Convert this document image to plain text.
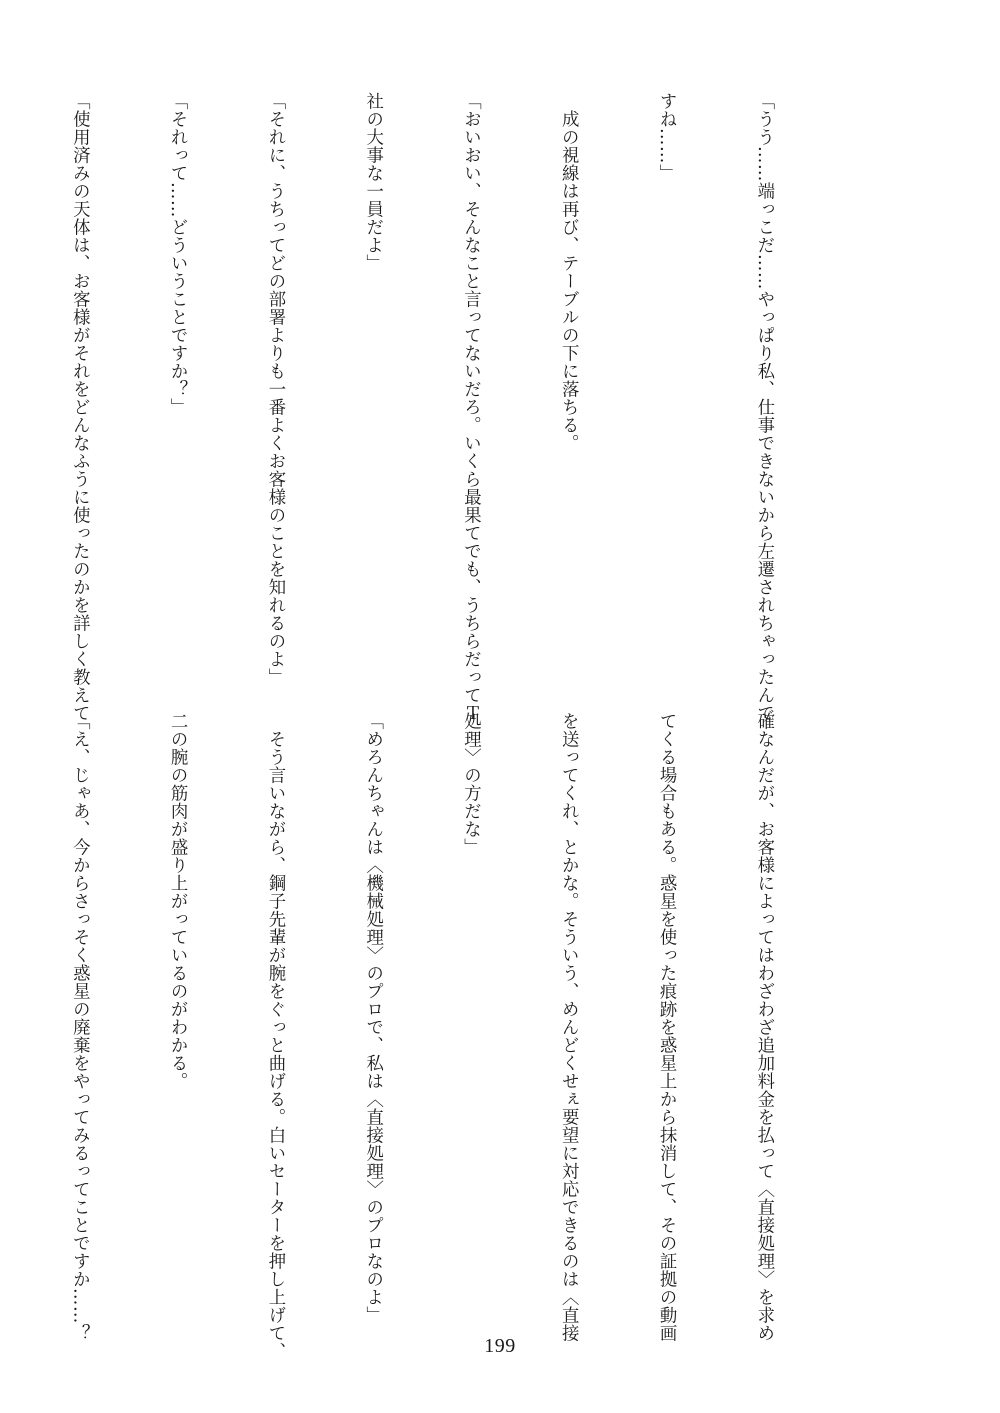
「うう……端っこだ……やっぱり私、仕事できないから左遷されちゃったんで

すね……」

　成の視線は再び、テーブルの下に落ちる。

「おいおい、そんなこと言ってないだろ。いくら最果てでも、うちらだってＴ

社の大事な一員だよ」

「それに、うちってどの部署よりも一番よくお客様のことを知れるのよ」

「それって……どういうことですか？」

「使用済みの天体は、お客様がそれをどんなふうに使ったのかを詳しく教えて

確なんだが、お客様によってはわざわざ追加料金を払って〈直接処理〉を求め

てくる場合もある。惑星を使った痕跡を惑星上から抹消して、その証拠の動画

を送ってくれ、とかな。そういう、めんどくせぇ要望に対応できるのは〈直接

処理〉の方だな」

「めろんちゃんは〈機械処理〉のプロで、私は〈直接処理〉のプロなのよ」

　そう言いながら、鋼子先輩が腕をぐっと曲げる。白いセーターを押し上げて、

二の腕の筋肉が盛り上がっているのがわかる。

「え、じゃあ、今からさっそく惑星の廃棄をやってみるってことですか……？

199
